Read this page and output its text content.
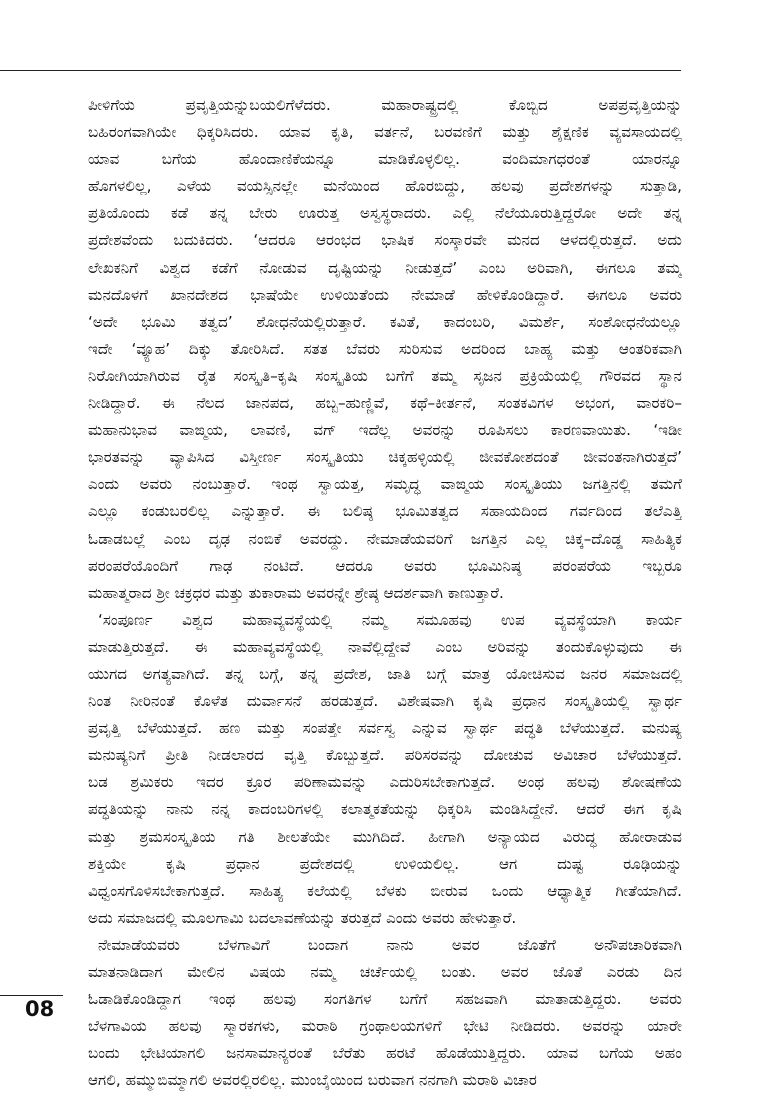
ಪೀಳಿಗೆಯ ಪ್ರವೃತ್ತಿಯನ್ನುಬಯಲಿಗೆಳೆದರು. ಮಹಾರಾಷ್ಟ್ರದಲ್ಲಿ ಕೊಬ್ಬಿದ ಅಪಪ್ರವೃತ್ತಿಯನ್ನು
ಬಹಿರಂಗವಾಗಿಯೇ ಧಿಕ್ಕರಿಸಿದರು. ಯಾವ ಕೃತಿ, ವರ್ತನೆ, ಬರವಣಿಗೆ ಮತ್ತು ಶೈಕ್ಷಣಿಕ ವ್ಯವಸಾಯದಲ್ಲಿ
ಯಾವ ಬಗೆಯ ಹೊಂದಾಣಿಕೆಯನ್ನೂ ಮಾಡಿಕೊಳ್ಳಲಿಲ್ಲ. ವಂದಿಮಾಗಧರಂತೆ ಯಾರನ್ನೂ
ಹೊಗಳಲಿಲ್ಲ, ಎಳೆಯ ವಯಸ್ಸಿನಲ್ಲೇ ಮನೆಯಿಂದ ಹೊರಬಿದ್ದು, ಹಲವು ಪ್ರದೇಶಗಳನ್ನು ಸುತ್ತಾಡಿ,
ಪ್ರತಿಯೊಂದು ಕಡೆ ತನ್ನ ಬೇರು ಊರುತ್ತ ಅಸ್ವಸ್ಥರಾದರು. ಎಲ್ಲಿ ನೆಲೆಯೂರುತ್ತಿದ್ದರೋ ಅದೇ ತನ್ನ
ಪ್ರದೇಶವೆಂದು ಬದುಕಿದರು. ‘ಆದರೂ ಆರಂಭದ ಭಾಷಿಕ ಸಂಸ್ಕಾರವೇ ಮನದ ಆಳದಲ್ಲಿರುತ್ತದೆ. ಅದು
ಲೇಖಕನಿಗೆ ವಿಶ್ವದ ಕಡೆಗೆ ನೋಡುವ ದೃಷ್ಟಿಯನ್ನು ನೀಡುತ್ತದೆ’ ಎಂಬ ಅರಿವಾಗಿ, ಈಗಲೂ ತಮ್ಮ
ಮನದೊಳಗೆ ಖಾನದೇಶದ ಭಾಷೆಯೇ ಉಳಿಯಿತೆಂದು ನೇಮಾಡೆ ಹೇಳಿಕೊಂಡಿದ್ದಾರೆ. ಈಗಲೂ ಅವರು
‘ಅದೇ ಭೂಮಿ ತತ್ವದ’ ಶೋಧನೆಯಲ್ಲಿರುತ್ತಾರೆ. ಕವಿತೆ, ಕಾದಂಬರಿ, ವಿಮರ್ಶೆ, ಸಂಶೋಧನೆಯಲ್ಲೂ
ಇದೇ ‘ವ್ಯೂಹ’ ದಿಕ್ಕು ತೋರಿಸಿದೆ. ಸತತ ಬೆವರು ಸುರಿಸುವ ಅದರಿಂದ ಬಾಹ್ಯ ಮತ್ತು ಆಂತರಿಕವಾಗಿ
ನಿರೋಗಿಯಾಗಿರುವ ರೈತ ಸಂಸ್ಕೃತಿ–ಕೃಷಿ ಸಂಸ್ಕೃತಿಯ ಬಗೆಗೆ ತಮ್ಮ ಸೃಜನ ಪ್ರಕ್ರಿಯೆಯಲ್ಲಿ ಗೌರವದ ಸ್ಥಾನ
ನೀಡಿದ್ದಾರೆ. ಈ ನೆಲದ ಜಾನಪದ, ಹಬ್ಬ–ಹುಣ್ಣಿವೆ, ಕಥೆ–ಕೀರ್ತನೆ, ಸಂತಕವಿಗಳ ಅಭಂಗ, ವಾರಕರಿ–
ಮಹಾನುಭಾವ ವಾಙ್ಮಯ, ಲಾವಣಿ, ವಗ್ ಇದೆಲ್ಲ ಅವರನ್ನು ರೂಪಿಸಲು ಕಾರಣವಾಯಿತು. ‘ಇಡೀ
ಭಾರತವನ್ನು ವ್ಯಾಪಿಸಿದ ವಿಸ್ತೀರ್ಣ ಸಂಸ್ಕೃತಿಯು ಚಿಕ್ಕಹಳ್ಳಿಯಲ್ಲಿ ಜೀವಕೋಶದಂತೆ ಜೀವಂತನಾಗಿರುತ್ತದೆ’
ಎಂದು ಅವರು ನಂಬುತ್ತಾರೆ. ಇಂಥ ಸ್ವಾಯತ್ತ, ಸಮೃದ್ಧ ವಾಙ್ಮಯ ಸಂಸ್ಕೃತಿಯು ಜಗತ್ತಿನಲ್ಲಿ ತಮಗೆ
ಎಲ್ಲೂ ಕಂಡುಬರಲಿಲ್ಲ ಎನ್ನುತ್ತಾರೆ. ಈ ಬಲಿಷ್ಠ ಭೂಮಿತತ್ವದ ಸಹಾಯದಿಂದ ಗರ್ವದಿಂದ ತಲೆಎತ್ತಿ
ಓಡಾಡಬಲ್ಲೆ ಎಂಬ ದೃಢ ನಂಬಿಕೆ ಅವರದ್ದು. ನೇಮಾಡೆಯವರಿಗೆ ಜಗತ್ತಿನ ಎಲ್ಲ ಚಿಕ್ಕ–ದೊಡ್ಡ ಸಾಹಿತ್ಯಿಕ
ಪರಂಪರೆಯೊಂದಿಗೆ ಗಾಢ ನಂಟಿದೆ. ಆದರೂ ಅವರು ಭೂಮಿನಿಷ್ಠ ಪರಂಪರೆಯ ಇಬ್ಬರೂ
ಮಹಾತ್ಮರಾದ ಶ್ರೀ ಚಕ್ರಧರ ಮತ್ತು ತುಕಾರಾಮ ಅವರನ್ನೇ ಶ್ರೇಷ್ಠ ಆದರ್ಶವಾಗಿ ಕಾಣುತ್ತಾರೆ.
‘ಸಂಪೂರ್ಣ ವಿಶ್ವದ ಮಹಾವ್ಯವಸ್ಥೆಯಲ್ಲಿ ನಮ್ಮ ಸಮೂಹವು ಉಪ ವ್ಯವಸ್ಥೆಯಾಗಿ ಕಾರ್ಯ
ಮಾಡುತ್ತಿರುತ್ತದೆ. ಈ ಮಹಾವ್ಯವಸ್ಥೆಯಲ್ಲಿ ನಾವೆಲ್ಲಿದ್ದೇವೆ ಎಂಬ ಅರಿವನ್ನು ತಂದುಕೊಳ್ಳುವುದು ಈ
ಯುಗದ ಅಗತ್ಯವಾಗಿದೆ. ತನ್ನ ಬಗ್ಗೆ, ತನ್ನ ಪ್ರದೇಶ, ಜಾತಿ ಬಗ್ಗೆ ಮಾತ್ರ ಯೋಚಿಸುವ ಜನರ ಸಮಾಜದಲ್ಲಿ
ನಿಂತ ನೀರಿನಂತೆ ಕೊಳೆತ ದುರ್ವಾಸನೆ ಹರಡುತ್ತದೆ. ವಿಶೇಷವಾಗಿ ಕೃಷಿ ಪ್ರಧಾನ ಸಂಸ್ಕೃತಿಯಲ್ಲಿ ಸ್ವಾರ್ಥ
ಪ್ರವೃತ್ತಿ ಬೆಳೆಯುತ್ತದೆ. ಹಣ ಮತ್ತು ಸಂಪತ್ತೇ ಸರ್ವಸ್ವ ಎನ್ನುವ ಸ್ವಾರ್ಥ ಪದ್ಧತಿ ಬೆಳೆಯುತ್ತದೆ. ಮನುಷ್ಯ
ಮನುಷ್ಯನಿಗೆ ಪ್ರೀತಿ ನೀಡಲಾರದ ವೃತ್ತಿ ಕೊಬ್ಬುತ್ತದೆ. ಪರಿಸರವನ್ನು ದೋಚುವ ಅವಿಚಾರ ಬೆಳೆಯುತ್ತದೆ.
ಬಡ ಶ್ರಮಿಕರು ಇದರ ಕ್ರೂರ ಪರಿಣಾಮವನ್ನು ಎದುರಿಸಬೇಕಾಗುತ್ತದೆ. ಅಂಥ ಹಲವು ಶೋಷಣೆಯ
ಪದ್ಧತಿಯನ್ನು ನಾನು ನನ್ನ ಕಾದಂಬರಿಗಳಲ್ಲಿ ಕಲಾತ್ಮಕತೆಯನ್ನು ಧಿಕ್ಕರಿಸಿ ಮಂಡಿಸಿದ್ದೇನೆ. ಆದರೆ ಈಗ ಕೃಷಿ
ಮತ್ತು ಶ್ರಮಸಂಸ್ಕೃತಿಯ ಗತಿ ಶೀಲತೆಯೇ ಮುಗಿದಿದೆ. ಹೀಗಾಗಿ ಅನ್ಯಾಯದ ವಿರುದ್ಧ ಹೋರಾಡುವ
ಶಕ್ತಿಯೇ ಕೃಷಿ ಪ್ರಧಾನ ಪ್ರದೇಶದಲ್ಲಿ ಉಳಿಯಲಿಲ್ಲ. ಆಗ ದುಷ್ಟ ರೂಢಿಯನ್ನು
ವಿಧ್ವಂಸಗೊಳಿಸಬೇಕಾಗುತ್ತದೆ. ಸಾಹಿತ್ಯ ಕಲೆಯಲ್ಲಿ ಬೆಳಕು ಬೀರುವ ಒಂದು ಆಧ್ಯಾತ್ಮಿಕ ಗೀತೆಯಾಗಿದೆ.
ಅದು ಸಮಾಜದಲ್ಲಿ ಮೂಲಗಾಮಿ ಬದಲಾವಣೆಯನ್ನು ತರುತ್ತದೆ ಎಂದು ಅವರು ಹೇಳುತ್ತಾರೆ.
ನೇಮಾಡೆಯವರು ಬೆಳಗಾವಿಗೆ ಬಂದಾಗ ನಾನು ಅವರ ಜೊತೆಗೆ ಅನೌಪಚಾರಿಕವಾಗಿ
ಮಾತನಾಡಿದಾಗ ಮೇಲಿನ ವಿಷಯ ನಮ್ಮ ಚರ್ಚೆಯಲ್ಲಿ ಬಂತು. ಅವರ ಜೊತೆ ಎರಡು ದಿನ
ಓಡಾಡಿಕೊಂಡಿದ್ದಾಗ ಇಂಥ ಹಲವು ಸಂಗತಿಗಳ ಬಗೆಗೆ ಸಹಜವಾಗಿ ಮಾತಾಡುತ್ತಿದ್ದರು. ಅವರು
ಬೆಳಗಾವಿಯ ಹಲವು ಸ್ಮಾರಕಗಳು, ಮರಾಠಿ ಗ್ರಂಥಾಲಯಗಳಿಗೆ ಭೇಟಿ ನೀಡಿದರು. ಅವರನ್ನು ಯಾರೇ
ಬಂದು ಭೇಟಿಯಾಗಲಿ ಜನಸಾಮಾನ್ಯರಂತೆ ಬೆರೆತು ಹರಟೆ ಹೊಡೆಯುತ್ತಿದ್ದರು. ಯಾವ ಬಗೆಯ ಅಹಂ
ಆಗಲಿ, ಹಮ್ಮುಬಿಮ್ಮಾಗಲಿ ಅವರಲ್ಲಿರಲಿಲ್ಲ. ಮುಂಬೈಯಿಂದ ಬರುವಾಗ ನನಗಾಗಿ ಮರಾಠಿ ವಿಚಾರ
08
